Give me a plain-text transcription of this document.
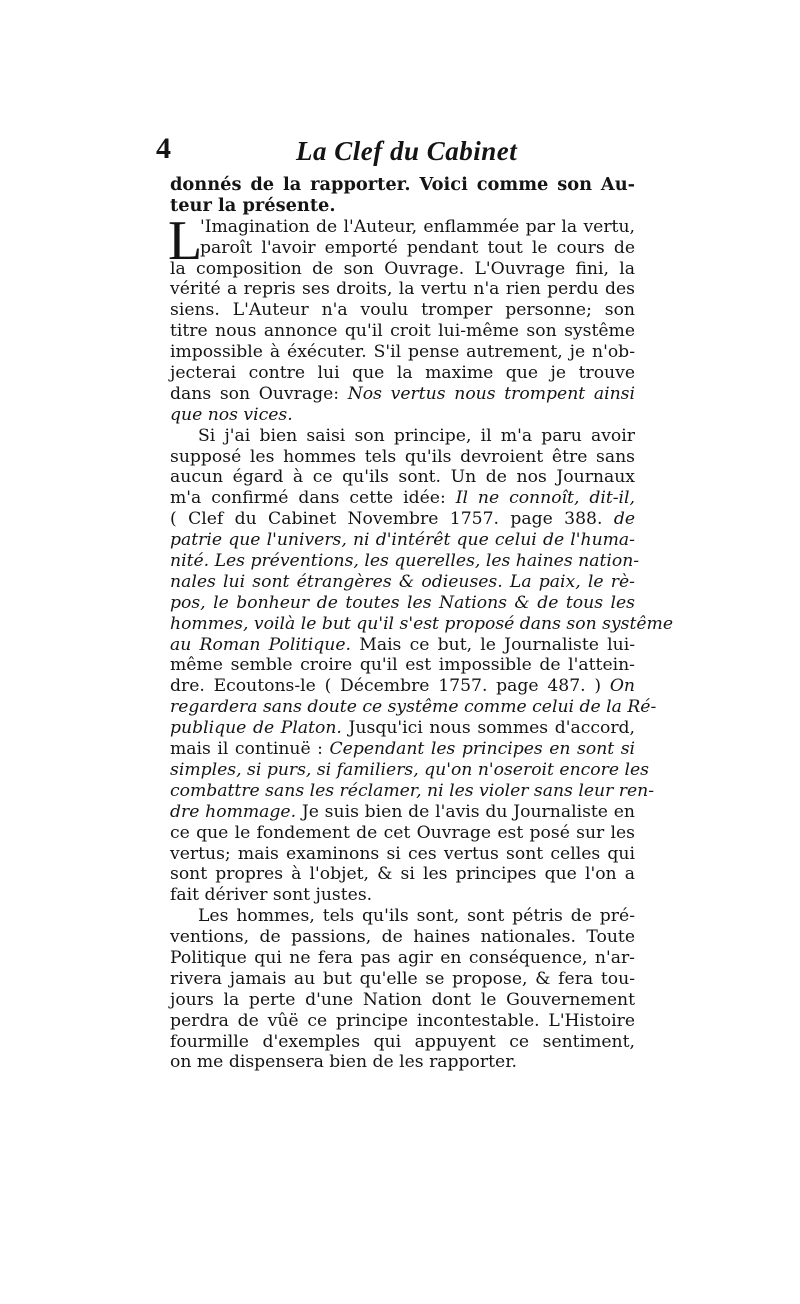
4	La Clef du Cabinet
L
donnés de la rapporter. Voici comme son Au-
teur la présente.
'Imagination de l'Auteur, enflammée par la vertu,
paroît l'avoir emporté pendant tout le cours de
la composition de son Ouvrage. L'Ouvrage fini, la
vérité a repris ses droits, la vertu n'a rien perdu des
siens. L'Auteur n'a voulu tromper personne; son
titre nous annonce qu'il croit lui-même son systême
impossible à éxécuter. S'il pense autrement, je n'ob-
jecterai contre lui que la maxime que je trouve
dans son Ouvrage: Nos vertus nous trompent ainsi
que nos vices.
Si j'ai bien saisi son principe, il m'a paru avoir
supposé les hommes tels qu'ils devroient être sans
aucun égard à ce qu'ils sont. Un de nos Journaux
m'a confirmé dans cette idée: Il ne connoît, dit-il,
( Clef du Cabinet Novembre 1757. page 388. de
patrie que l'univers, ni d'intérêt que celui de l'huma-
nité. Les préventions, les querelles, les haines nation-
nales lui sont étrangères & odieuses. La paix, le rè-
pos, le bonheur de toutes les Nations & de tous les
hommes, voilà le but qu'il s'est proposé dans son systême
au Roman Politique. Mais ce but, le Journaliste lui-
même semble croire qu'il est impossible de l'attein-
dre. Ecoutons-le ( Décembre 1757. page 487. ) On
regardera sans doute ce systême comme celui de la Ré-
publique de Platon. Jusqu'ici nous sommes d'accord,
mais il continuë : Cependant les principes en sont si
simples, si purs, si familiers, qu'on n'oseroit encore les
combattre sans les réclamer, ni les violer sans leur ren-
dre hommage. Je suis bien de l'avis du Journaliste en
ce que le fondement de cet Ouvrage est posé sur les
vertus; mais examinons si ces vertus sont celles qui
sont propres à l'objet, & si les principes que l'on a
fait dériver sont justes.
Les hommes, tels qu'ils sont, sont pétris de pré-
ventions, de passions, de haines nationales. Toute
Politique qui ne fera pas agir en conséquence, n'ar-
rivera jamais au but qu'elle se propose, & fera tou-
jours la perte d'une Nation dont le Gouvernement
perdra de vûë ce principe incontestable. L'Histoire
fourmille d'exemples qui appuyent ce sentiment,
on me dispensera bien de les rapporter.
